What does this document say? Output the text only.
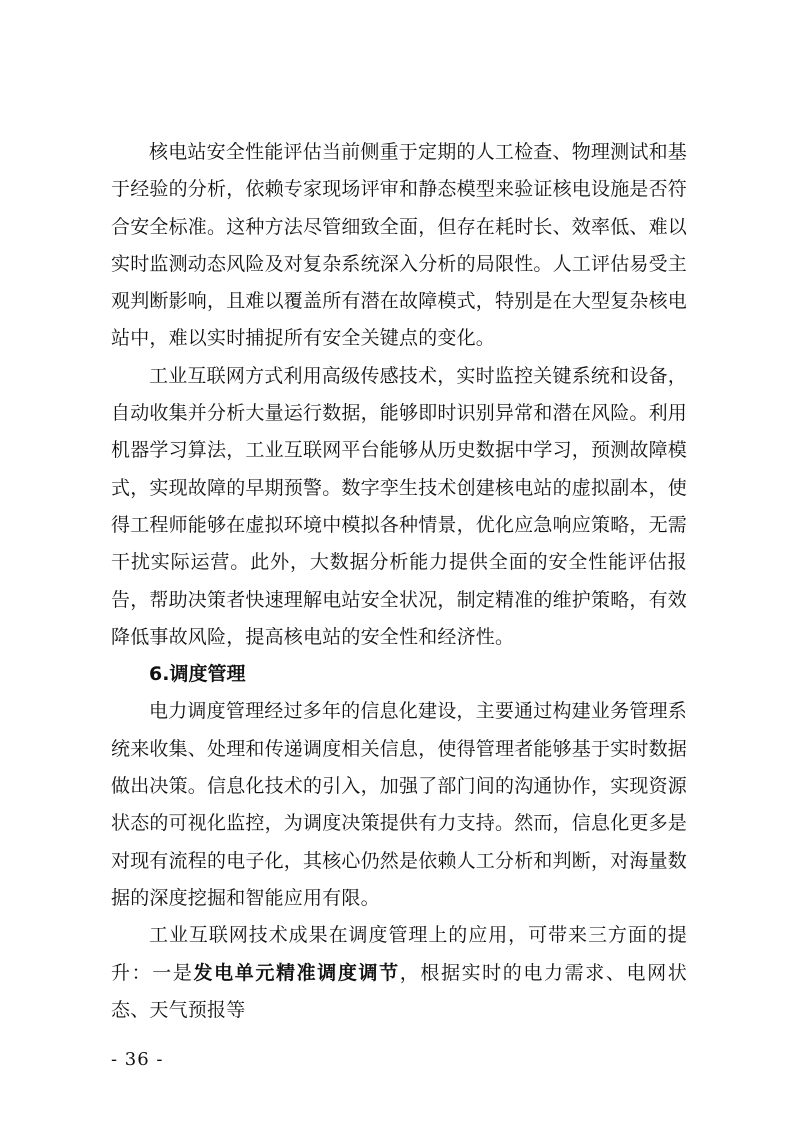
核电站安全性能评估当前侧重于定期的人工检查、物理测试和基于经验的分析，依赖专家现场评审和静态模型来验证核电设施是否符合安全标准。这种方法尽管细致全面，但存在耗时长、效率低、难以实时监测动态风险及对复杂系统深入分析的局限性。人工评估易受主观判断影响，且难以覆盖所有潜在故障模式，特别是在大型复杂核电站中，难以实时捕捉所有安全关键点的变化。

工业互联网方式利用高级传感技术，实时监控关键系统和设备，自动收集并分析大量运行数据，能够即时识别异常和潜在风险。利用机器学习算法，工业互联网平台能够从历史数据中学习，预测故障模式，实现故障的早期预警。数字孪生技术创建核电站的虚拟副本，使得工程师能够在虚拟环境中模拟各种情景，优化应急响应策略，无需干扰实际运营。此外，大数据分析能力提供全面的安全性能评估报告，帮助决策者快速理解电站安全状况，制定精准的维护策略，有效降低事故风险，提高核电站的安全性和经济性。

6.调度管理

电力调度管理经过多年的信息化建设，主要通过构建业务管理系统来收集、处理和传递调度相关信息，使得管理者能够基于实时数据做出决策。信息化技术的引入，加强了部门间的沟通协作，实现资源状态的可视化监控，为调度决策提供有力支持。然而，信息化更多是对现有流程的电子化，其核心仍然是依赖人工分析和判断，对海量数据的深度挖掘和智能应用有限。

工业互联网技术成果在调度管理上的应用，可带来三方面的提升：一是发电单元精准调度调节，根据实时的电力需求、电网状态、天气预报等

- 36 -
